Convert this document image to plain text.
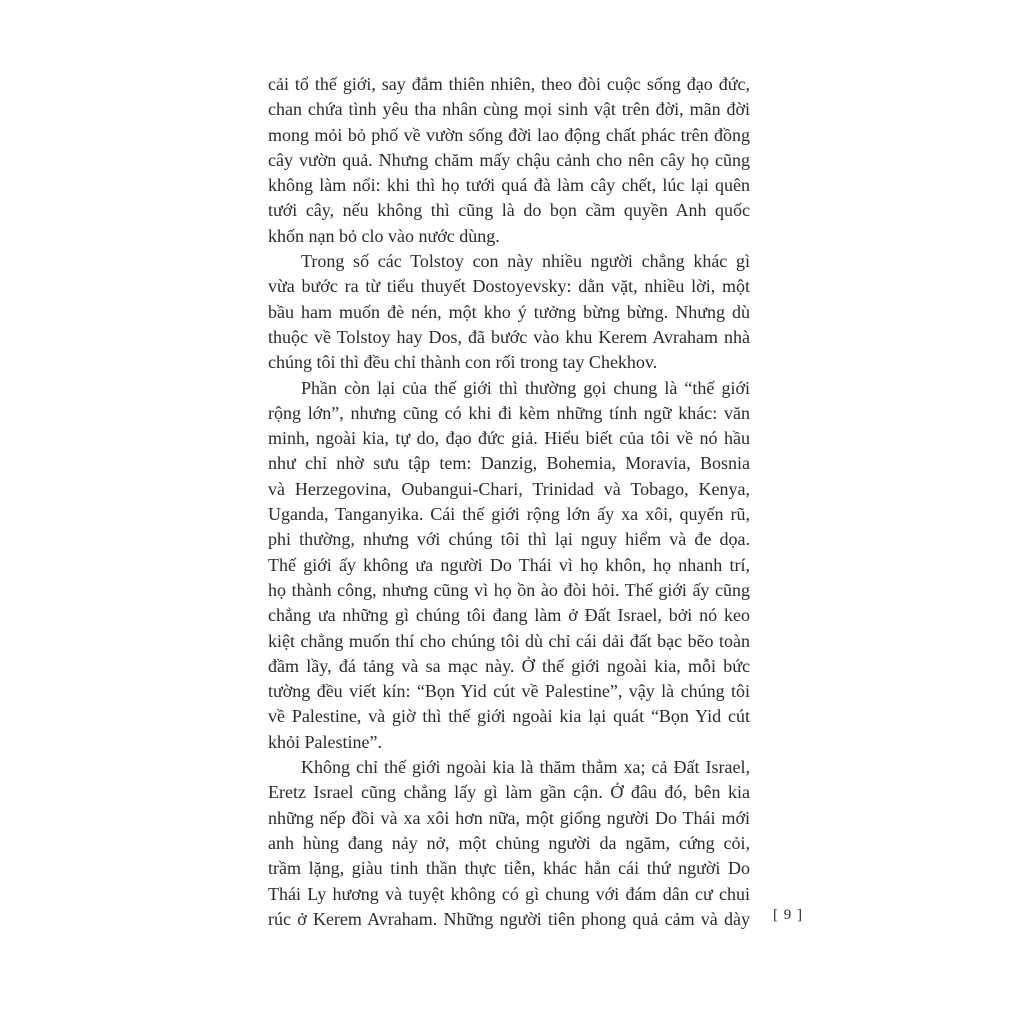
cải tổ thế giới, say đắm thiên nhiên, theo đòi cuộc sống đạo đức,
chan chứa tình yêu tha nhân cùng mọi sinh vật trên đời, mãn đời
mong mỏi bỏ phố về vườn sống đời lao động chất phác trên đồng
cây vườn quả. Nhưng chăm mấy chậu cảnh cho nên cây họ cũng
không làm nổi: khi thì họ tưới quá đà làm cây chết, lúc lại quên
tưới cây, nếu không thì cũng là do bọn cầm quyền Anh quốc
khốn nạn bỏ clo vào nước dùng.
Trong số các Tolstoy con này nhiều người chẳng khác gì
vừa bước ra từ tiểu thuyết Dostoyevsky: dằn vặt, nhiều lời, một
bầu ham muốn đè nén, một kho ý tưởng bừng bừng. Nhưng dù
thuộc về Tolstoy hay Dos, đã bước vào khu Kerem Avraham nhà
chúng tôi thì đều chỉ thành con rối trong tay Chekhov.
Phần còn lại của thế giới thì thường gọi chung là “thế giới
rộng lớn”, nhưng cũng có khi đi kèm những tính ngữ khác: văn
minh, ngoài kia, tự do, đạo đức giả. Hiểu biết của tôi về nó hầu
như chỉ nhờ sưu tập tem: Danzig, Bohemia, Moravia, Bosnia
và Herzegovina, Oubangui-Chari, Trinidad và Tobago, Kenya,
Uganda, Tanganyika. Cái thế giới rộng lớn ấy xa xôi, quyến rũ,
phi thường, nhưng với chúng tôi thì lại nguy hiểm và đe dọa.
Thế giới ấy không ưa người Do Thái vì họ khôn, họ nhanh trí,
họ thành công, nhưng cũng vì họ ồn ào đòi hỏi. Thế giới ấy cũng
chẳng ưa những gì chúng tôi đang làm ở Đất Israel, bởi nó keo
kiệt chẳng muốn thí cho chúng tôi dù chỉ cái dải đất bạc bẽo toàn
đầm lầy, đá tảng và sa mạc này. Ở thế giới ngoài kia, mỗi bức
tường đều viết kín: “Bọn Yid cút về Palestine”, vậy là chúng tôi
về Palestine, và giờ thì thế giới ngoài kia lại quát “Bọn Yid cút
khỏi Palestine”.
Không chỉ thế giới ngoài kia là thăm thẳm xa; cả Đất Israel,
Eretz Israel cũng chẳng lấy gì làm gần cận. Ở đâu đó, bên kia
những nếp đồi và xa xôi hơn nữa, một giống người Do Thái mới
anh hùng đang nảy nở, một chủng người da ngăm, cứng cỏi,
trầm lặng, giàu tinh thần thực tiễn, khác hẳn cái thứ người Do
Thái Ly hương và tuyệt không có gì chung với đám dân cư chui
rúc ở Kerem Avraham. Những người tiên phong quả cảm và dày [ 9 ]
